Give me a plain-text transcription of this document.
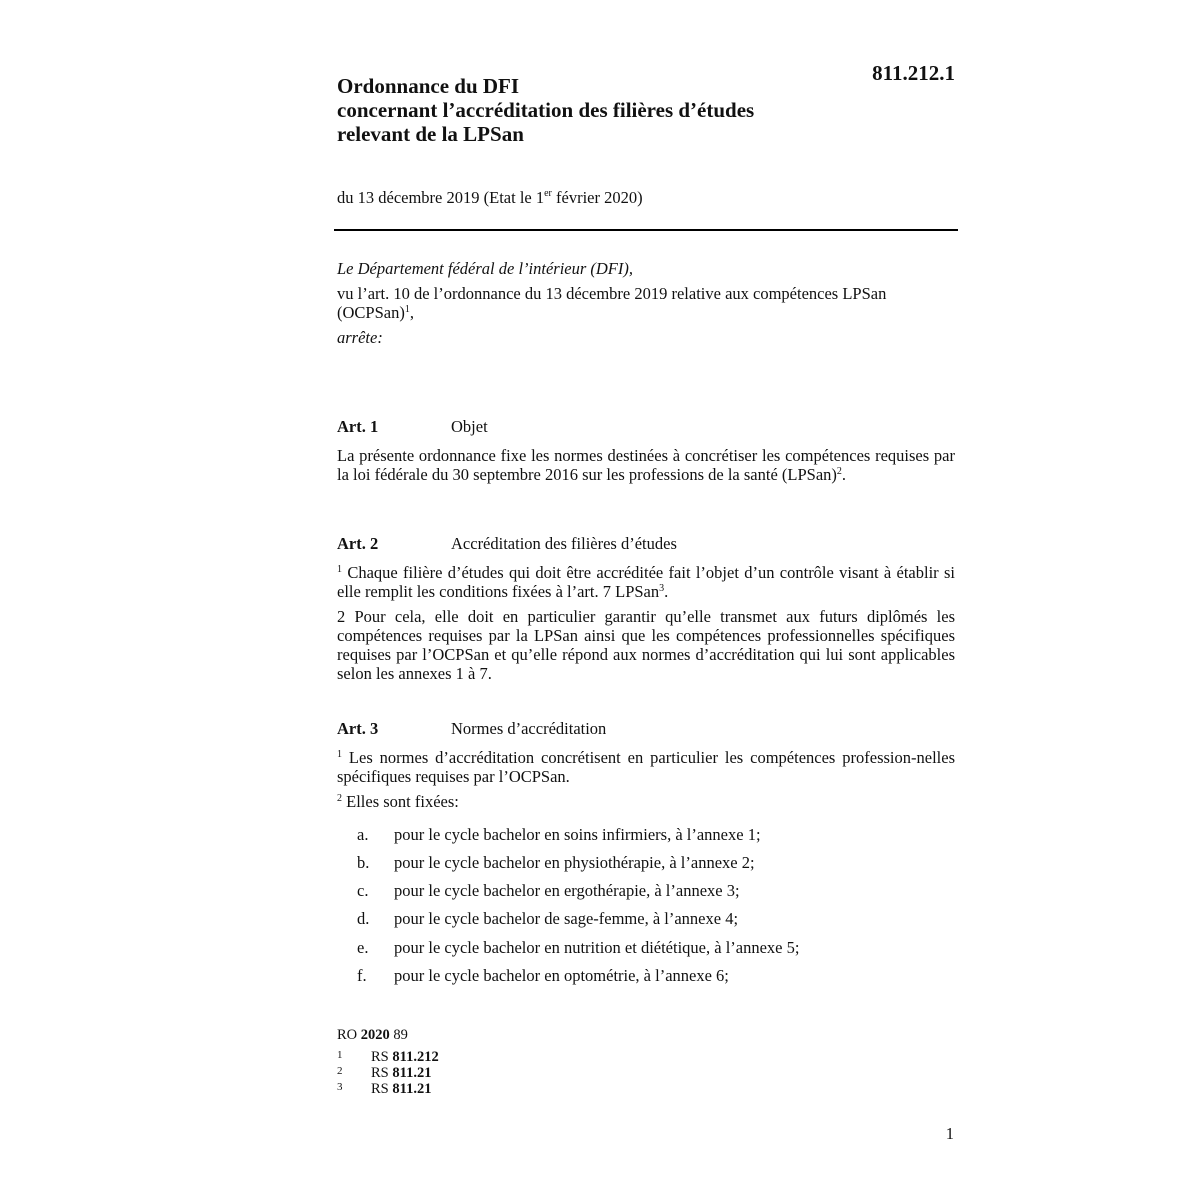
811.212.1
Ordonnance du DFI
concernant l’accréditation des filières d’études
relevant de la LPSan
du 13 décembre 2019 (Etat le 1er février 2020)

Le Département fédéral de l’intérieur (DFI),

vu l’art. 10 de l’ordonnance du 13 décembre 2019 relative aux compétences LPSan (OCPSan)$^1$,

arrête:

Art. 1	Objet

La présente ordonnance fixe les normes destinées à concrétiser les compétences requises par la loi fédérale du 30 septembre 2016 sur les professions de la santé (LPSan)$^2$.

Art. 2	Accréditation des filières d’études

$^1$ Chaque filière d’études qui doit être accréditée fait l’objet d’un contrôle visant à établir si elle remplit les conditions fixées à l’art. 7 LPSan$^3$.

2 Pour cela, elle doit en particulier garantir qu’elle transmet aux futurs diplômés les compétences requises par la LPSan ainsi que les compétences professionnelles spécifiques requises par l’OCPSan et qu’elle répond aux normes d’accréditation qui lui sont applicables selon les annexes 1 à 7.

Art. 3	Normes d’accréditation

$^1$ Les normes d’accréditation concrétisent en particulier les compétences profession-nelles spécifiques requises par l’OCPSan.

$^2$ Elles sont fixées:

a. pour le cycle bachelor en soins infirmiers, à l’annexe 1;
b. pour le cycle bachelor en physiothérapie, à l’annexe 2;
c. pour le cycle bachelor en ergothérapie, à l’annexe 3;
d. pour le cycle bachelor de sage-femme, à l’annexe 4;
e. pour le cycle bachelor en nutrition et diététique, à l’annexe 5;
f. pour le cycle bachelor en optométrie, à l’annexe 6;
RO 2020 89
1 RS 811.212
2 RS 811.21
3 RS 811.21
1
